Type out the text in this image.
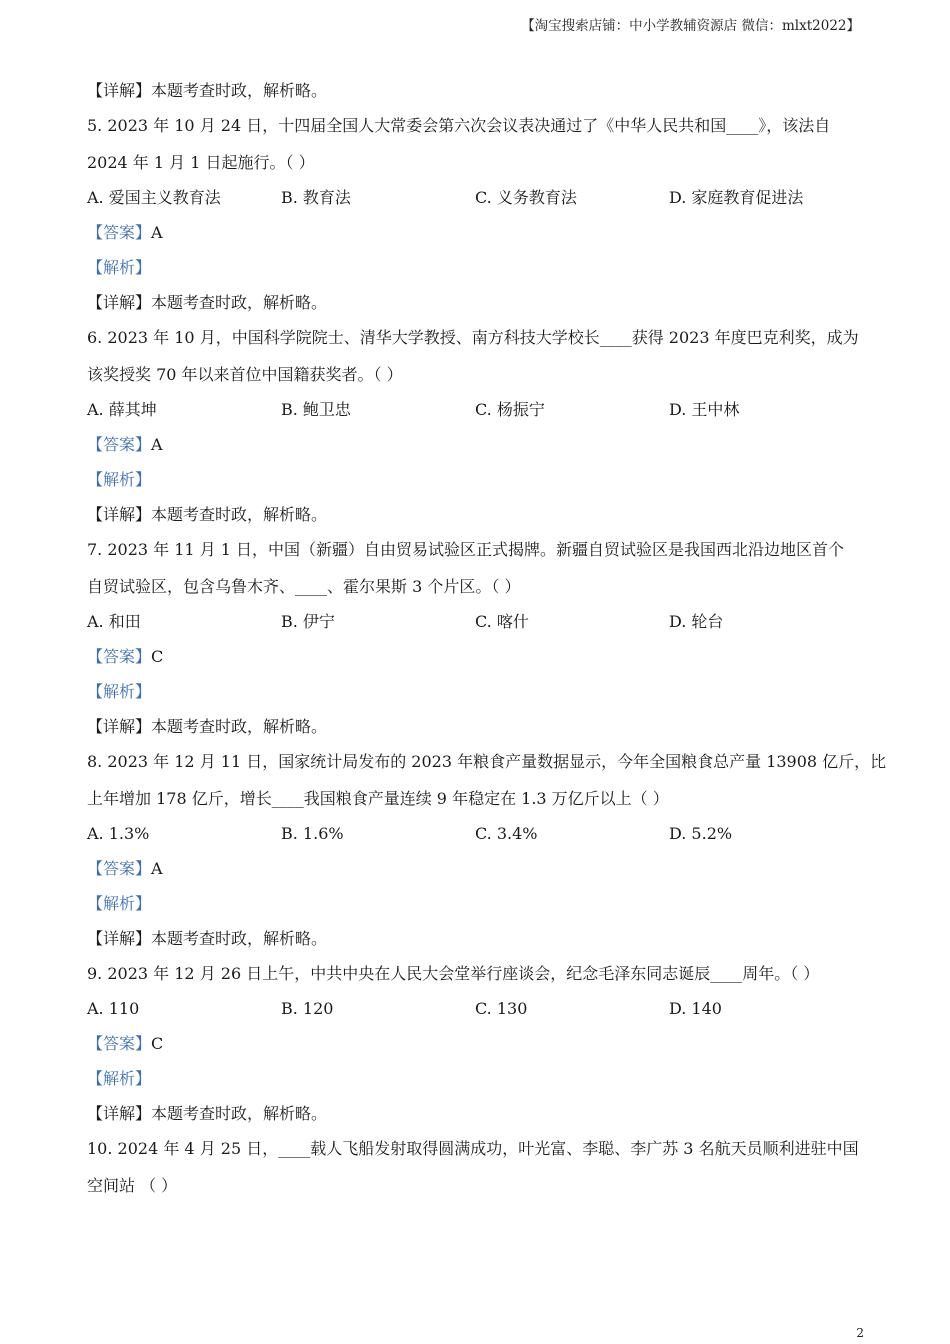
【淘宝搜索店铺：中小学教辅资源店 微信：mlxt2022】
【详解】本题考查时政，解析略。
5. 2023 年 10 月 24 日，十四届全国人大常委会第六次会议表决通过了《中华人民共和国____》，该法自
2024 年 1 月 1 日起施行。（ ）
A. 爱国主义教育法	B. 教育法	C. 义务教育法	D. 家庭教育促进法
【答案】A
【解析】
【详解】本题考查时政，解析略。
6. 2023 年 10 月，中国科学院院士、清华大学教授、南方科技大学校长____获得 2023 年度巴克利奖，成为
该奖授奖 70 年以来首位中国籍获奖者。（ ）
A. 薛其坤	B. 鲍卫忠	C. 杨振宁	D. 王中林
【答案】A
【解析】
【详解】本题考查时政，解析略。
7. 2023 年 11 月 1 日，中国（新疆）自由贸易试验区正式揭牌。新疆自贸试验区是我国西北沿边地区首个
自贸试验区，包含乌鲁木齐、____、霍尔果斯 3 个片区。（ ）
A. 和田	B. 伊宁	C. 喀什	D. 轮台
【答案】C
【解析】
【详解】本题考查时政，解析略。
8. 2023 年 12 月 11 日，国家统计局发布的 2023 年粮食产量数据显示，今年全国粮食总产量 13908 亿斤，比
上年增加 178 亿斤，增长____我国粮食产量连续 9 年稳定在 1.3 万亿斤以上（ ）
A. 1.3%	B. 1.6%	C. 3.4%	D. 5.2%
【答案】A
【解析】
【详解】本题考查时政，解析略。
9. 2023 年 12 月 26 日上午，中共中央在人民大会堂举行座谈会，纪念毛泽东同志诞辰____周年。（ ）
A. 110	B. 120	C. 130	D. 140
【答案】C
【解析】
【详解】本题考查时政，解析略。
10. 2024 年 4 月 25 日，____载人飞船发射取得圆满成功，叶光富、李聪、李广苏 3 名航天员顺利进驻中国
空间站 （ ）
2
